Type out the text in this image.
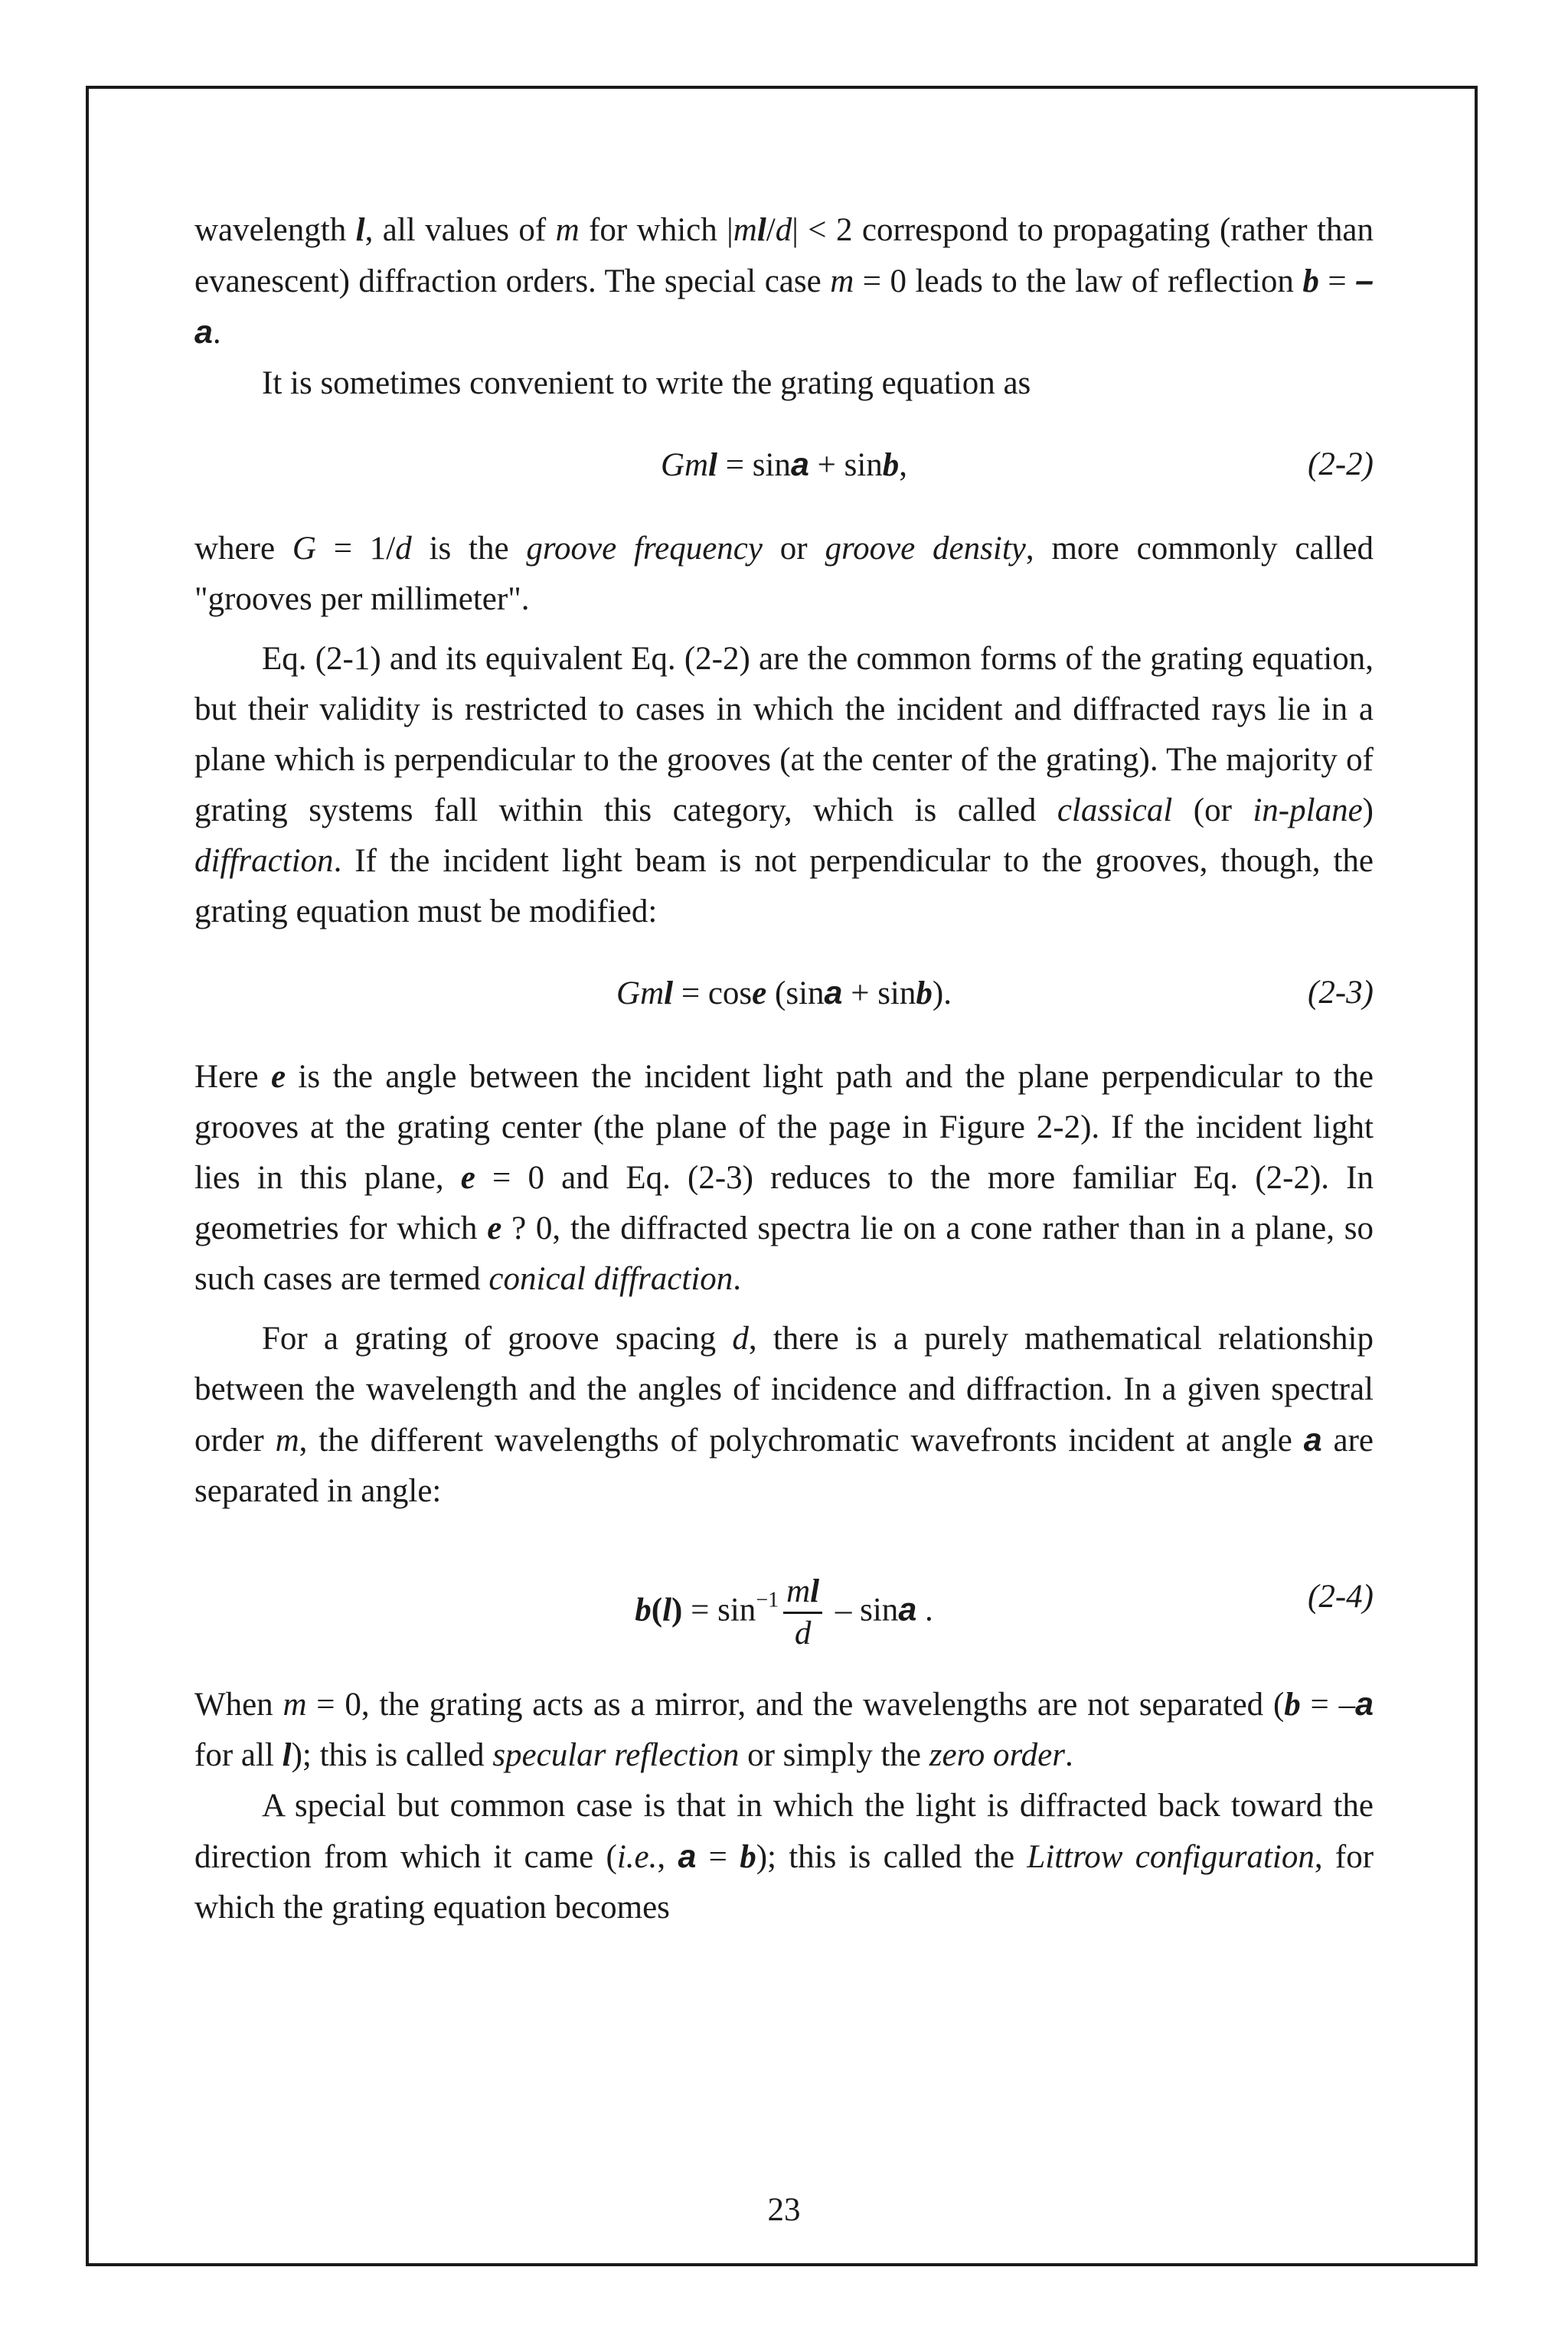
wavelength l, all values of m for which |ml/d| < 2 correspond to propagating (rather than evanescent) diffraction orders. The special case m = 0 leads to the law of reflection b = –a.

It is sometimes convenient to write the grating equation as

Gml = sina + sinb,	(2-2)

where G = 1/d is the groove frequency or groove density, more commonly called "grooves per millimeter".

Eq. (2-1) and its equivalent Eq. (2-2) are the common forms of the grating equation, but their validity is restricted to cases in which the incident and diffracted rays lie in a plane which is perpendicular to the grooves (at the center of the grating). The majority of grating systems fall within this category, which is called classical (or in-plane) diffraction. If the incident light beam is not perpendicular to the grooves, though, the grating equation must be modified:

Gml = cose (sina + sinb).	(2-3)

Here e is the angle between the incident light path and the plane perpendicular to the grooves at the grating center (the plane of the page in Figure 2-2). If the incident light lies in this plane, e = 0 and Eq. (2-3) reduces to the more familiar Eq. (2-2). In geometries for which e ? 0, the diffracted spectra lie on a cone rather than in a plane, so such cases are termed conical diffraction.

For a grating of groove spacing d, there is a purely mathematical relationship between the wavelength and the angles of incidence and diffraction. In a given spectral order m, the different wavelengths of polychromatic wavefronts incident at angle a are separated in angle:

$b(l) = \sin^{-1} \frac{ml}{d} - \sin a$ .	(2-4)

When m = 0, the grating acts as a mirror, and the wavelengths are not separated (b = –a for all l); this is called specular reflection or simply the zero order.

A special but common case is that in which the light is diffracted back toward the direction from which it came (i.e., a = b); this is called the Littrow configuration, for which the grating equation becomes

23
